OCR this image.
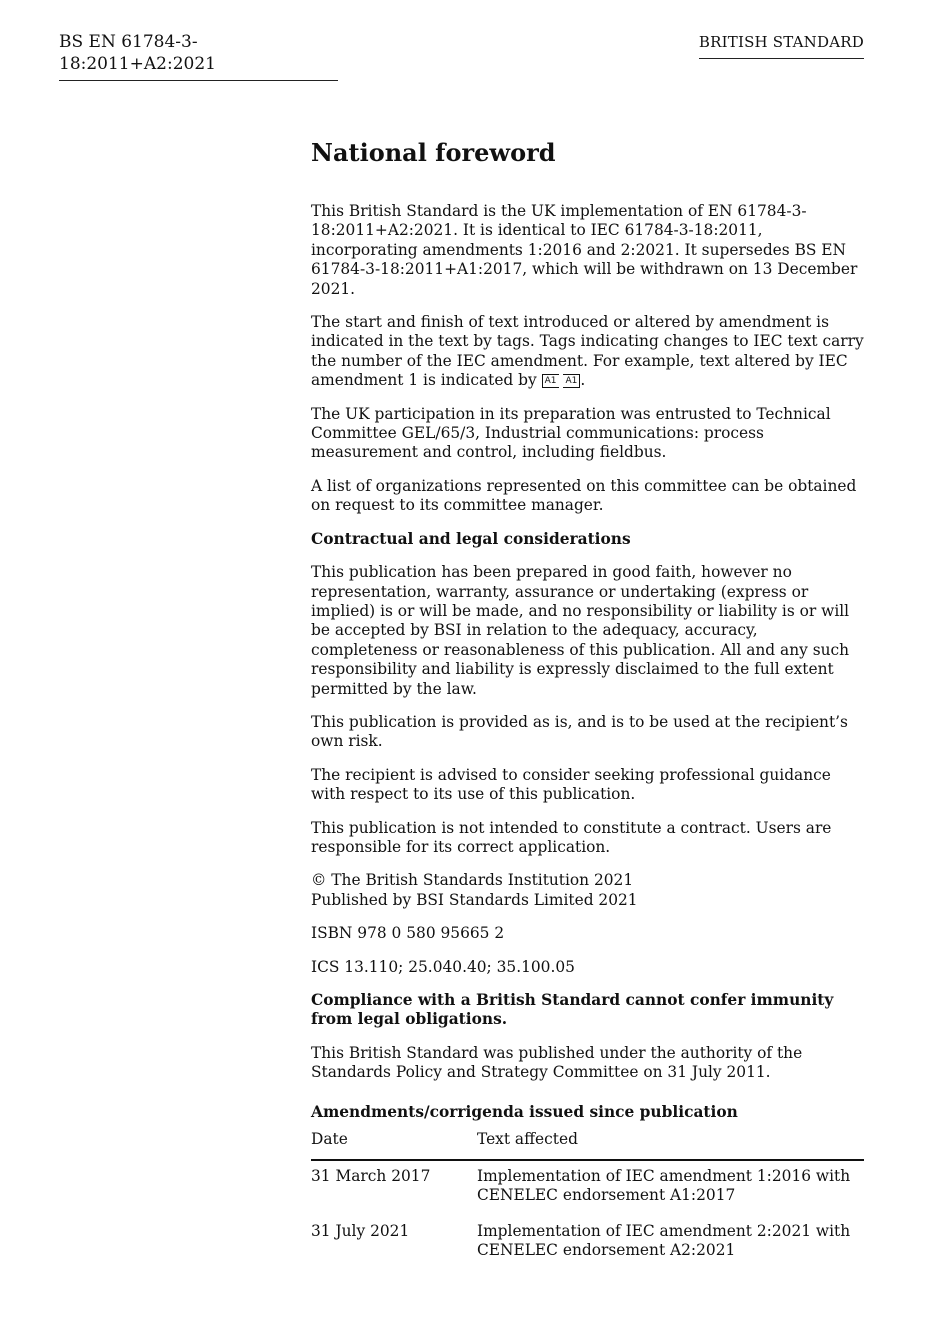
BS EN 61784-3-18:2011+A2:2021
BRITISH STANDARD
National foreword

This British Standard is the UK implementation of EN 61784-3-18:2011+A2:2021. It is identical to IEC 61784-3-18:2011, incorporating amendments 1:2016 and 2:2021. It supersedes BS EN 61784-3-18:2011+A1:2017, which will be withdrawn on 13 December 2021.

The start and finish of text introduced or altered by amendment is indicated in the text by tags. Tags indicating changes to IEC text carry the number of the IEC amendment. For example, text altered by IEC amendment 1 is indicated by A1 A1 .

The UK participation in its preparation was entrusted to Technical Committee GEL/65/3, Industrial communications: process measurement and control, including fieldbus.

A list of organizations represented on this committee can be obtained on request to its committee manager.

Contractual and legal considerations

This publication has been prepared in good faith, however no representation, warranty, assurance or undertaking (express or implied) is or will be made, and no responsibility or liability is or will be accepted by BSI in relation to the adequacy, accuracy, completeness or reasonableness of this publication. All and any such responsibility and liability is expressly disclaimed to the full extent permitted by the law.

This publication is provided as is, and is to be used at the recipient’s own risk.

The recipient is advised to consider seeking professional guidance with respect to its use of this publication.

This publication is not intended to constitute a contract. Users are responsible for its correct application.

© The British Standards Institution 2021
Published by BSI Standards Limited 2021

ISBN 978 0 580 95665 2

ICS 13.110; 25.040.40; 35.100.05

Compliance with a British Standard cannot confer immunity from legal obligations.

This British Standard was published under the authority of the Standards Policy and Strategy Committee on 31 July 2011.

Amendments/corrigenda issued since publication

Date	Text affected
31 March 2017	Implementation of IEC amendment 1:2016 with CENELEC endorsement A1:2017
31 July 2021	Implementation of IEC amendment 2:2021 with CENELEC endorsement A2:2021
